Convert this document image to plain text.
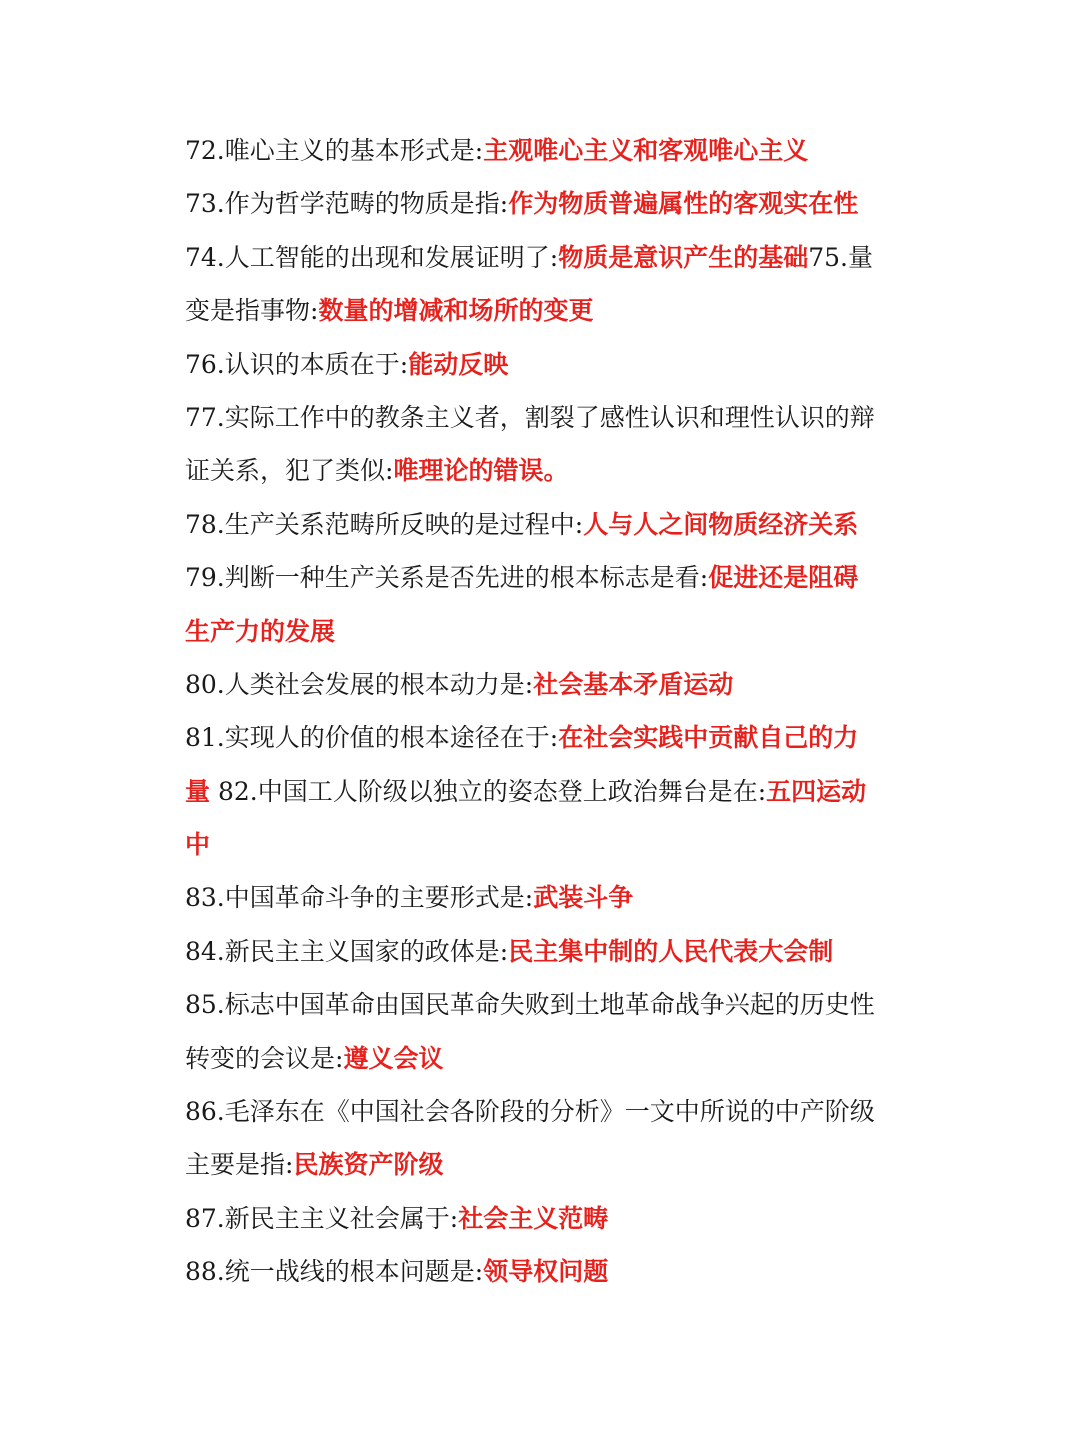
72.唯心主义的基本形式是:主观唯心主义和客观唯心主义
73.作为哲学范畴的物质是指:作为物质普遍属性的客观实在性
74.人工智能的出现和发展证明了:物质是意识产生的基础75.量
变是指事物:数量的增减和场所的变更
76.认识的本质在于:能动反映
77.实际工作中的教条主义者，割裂了感性认识和理性认识的辩
证关系，犯了类似:唯理论的错误。
78.生产关系范畴所反映的是过程中:人与人之间物质经济关系
79.判断一种生产关系是否先进的根本标志是看:促进还是阻碍
生产力的发展
80.人类社会发展的根本动力是:社会基本矛盾运动
81.实现人的价值的根本途径在于:在社会实践中贡献自己的力
量 82.中国工人阶级以独立的姿态登上政治舞台是在:五四运动
中
83.中国革命斗争的主要形式是:武装斗争
84.新民主主义国家的政体是:民主集中制的人民代表大会制
85.标志中国革命由国民革命失败到土地革命战争兴起的历史性
转变的会议是:遵义会议
86.毛泽东在《中国社会各阶段的分析》一文中所说的中产阶级
主要是指:民族资产阶级
87.新民主主义社会属于:社会主义范畴
88.统一战线的根本问题是:领导权问题
